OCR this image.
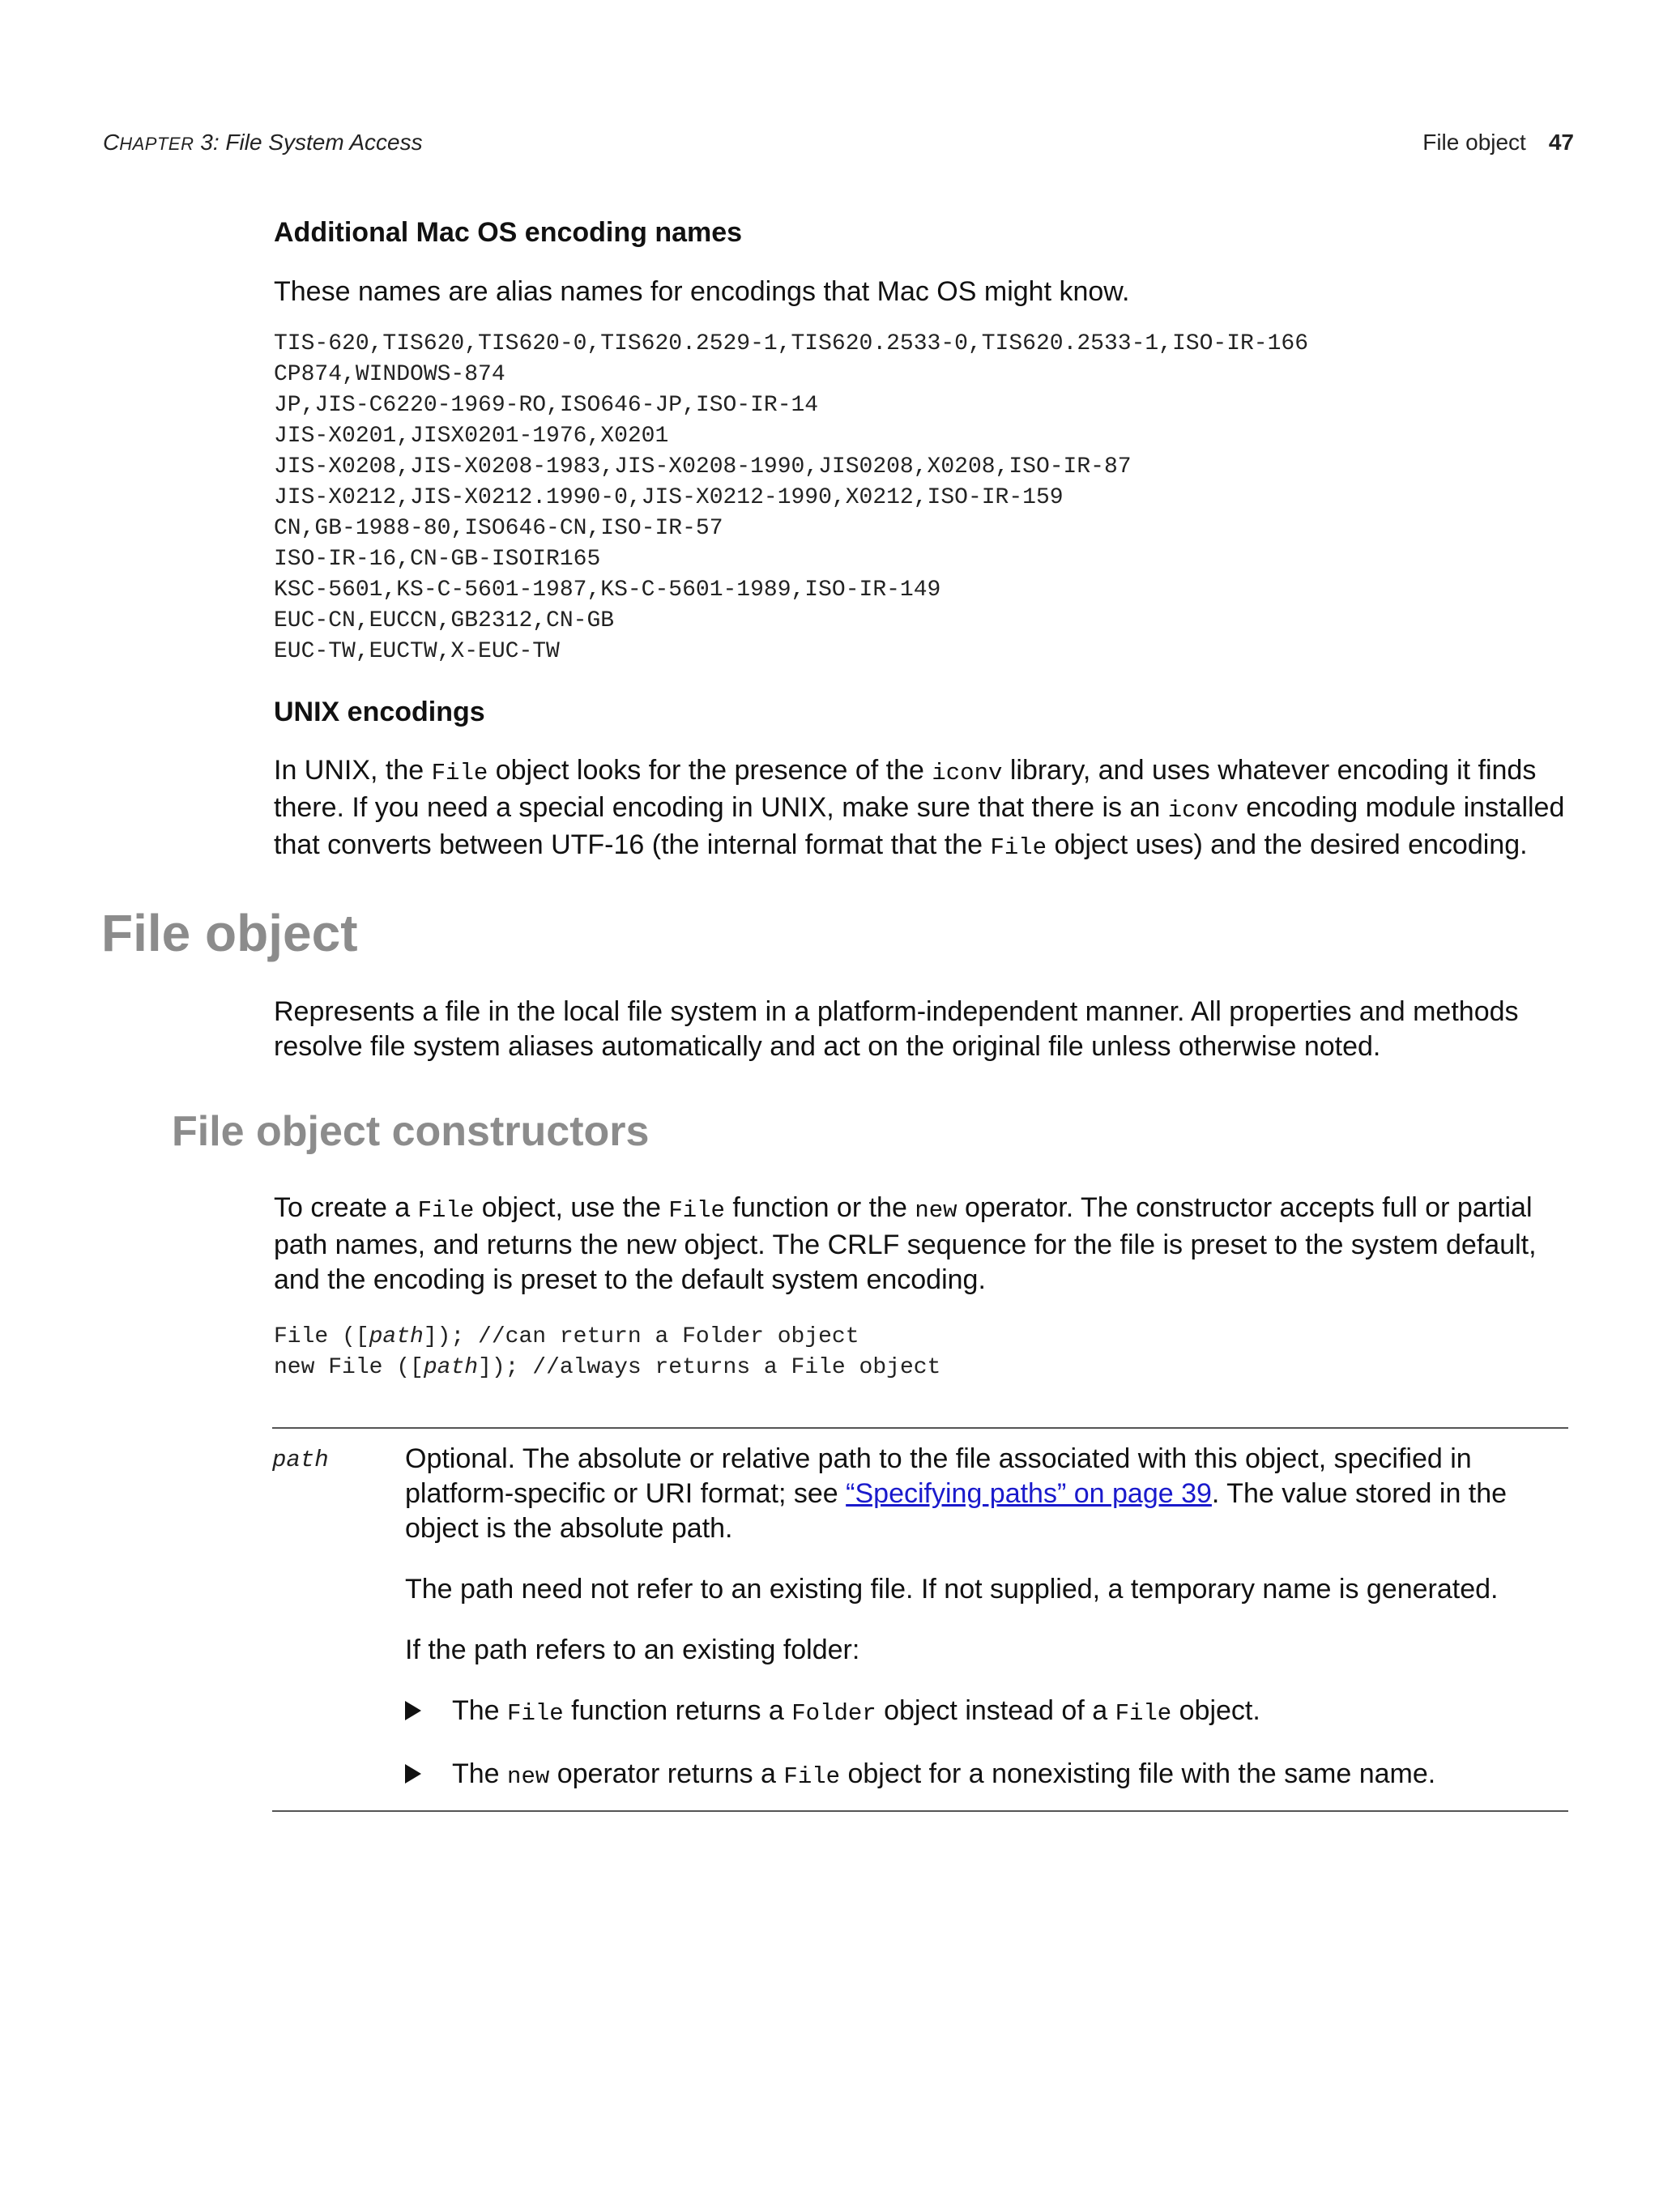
CHAPTER 3: File System Access	File object 47
Additional Mac OS encoding names

These names are alias names for encodings that Mac OS might know.

TIS-620,TIS620,TIS620-0,TIS620.2529-1,TIS620.2533-0,TIS620.2533-1,ISO-IR-166
CP874,WINDOWS-874
JP,JIS-C6220-1969-RO,ISO646-JP,ISO-IR-14
JIS-X0201,JISX0201-1976,X0201
JIS-X0208,JIS-X0208-1983,JIS-X0208-1990,JIS0208,X0208,ISO-IR-87
JIS-X0212,JIS-X0212.1990-0,JIS-X0212-1990,X0212,ISO-IR-159
CN,GB-1988-80,ISO646-CN,ISO-IR-57
ISO-IR-16,CN-GB-ISOIR165
KSC-5601,KS-C-5601-1987,KS-C-5601-1989,ISO-IR-149
EUC-CN,EUCCN,GB2312,CN-GB
EUC-TW,EUCTW,X-EUC-TW
UNIX encodings

In UNIX, the File object looks for the presence of the iconv library, and uses whatever encoding it finds there. If you need a special encoding in UNIX, make sure that there is an iconv encoding module installed that converts between UTF-16 (the internal format that the File object uses) and the desired encoding.

File object

Represents a file in the local file system in a platform-independent manner. All properties and methods resolve file system aliases automatically and act on the original file unless otherwise noted.

File object constructors

To create a File object, use the File function or the new operator. The constructor accepts full or partial path names, and returns the new object. The CRLF sequence for the file is preset to the system default, and the encoding is preset to the default system encoding.

File ([path]); //can return a Folder object
new File ([path]); //always returns a File object
path	Optional. The absolute or relative path to the file associated with this object, specified in platform-specific or URI format; see “Specifying paths” on page 39. The value stored in the object is the absolute path.

The path need not refer to an existing file. If not supplied, a temporary name is generated.

If the path refers to an existing folder:

The File function returns a Folder object instead of a File object.

The new operator returns a File object for a nonexisting file with the same name.
